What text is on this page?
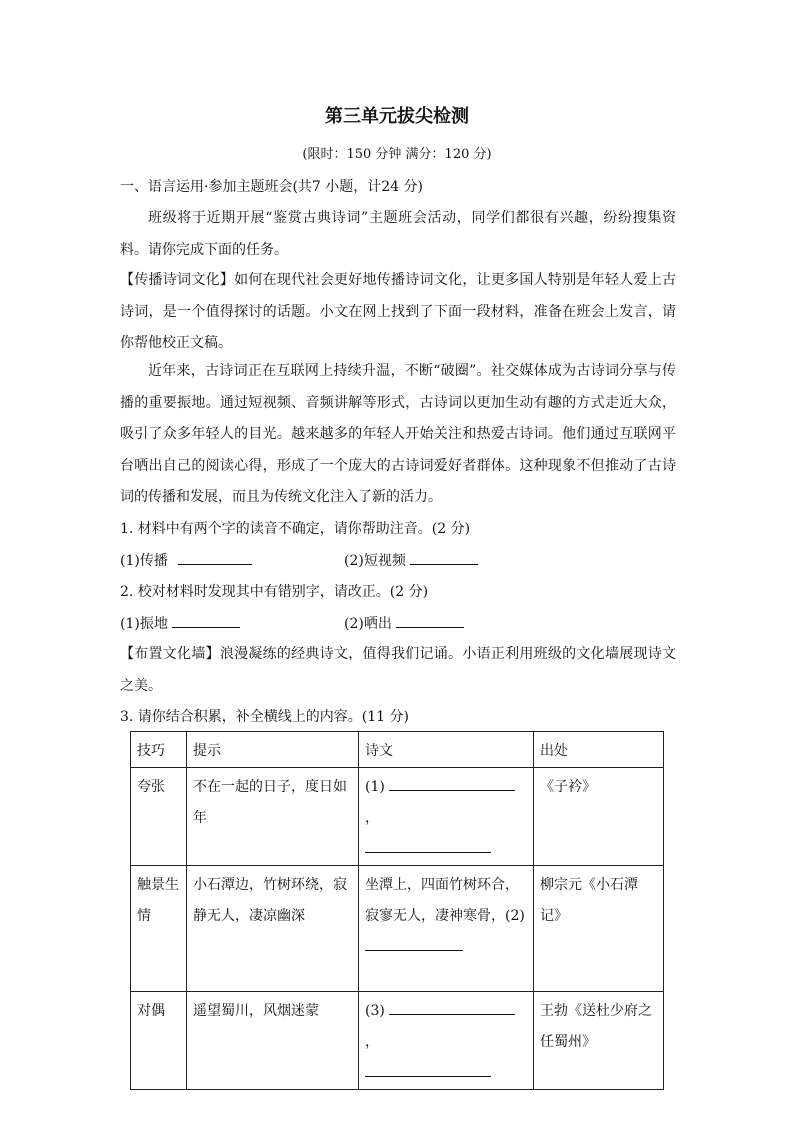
第三单元拔尖检测
(限时：150 分钟 满分：120 分)
一、语言运用·参加主题班会(共7 小题，计24 分)
班级将于近期开展“鉴赏古典诗词”主题班会活动，同学们都很有兴趣，纷纷搜集资料。请你完成下面的任务。
【传播诗词文化】如何在现代社会更好地传播诗词文化，让更多国人特别是年轻人爱上古诗词，是一个值得探讨的话题。小文在网上找到了下面一段材料，准备在班会上发言，请你帮他校正文稿。
近年来，古诗词正在互联网上持续升温，不断“破圈”。社交媒体成为古诗词分享与传播的重要振地。通过短视频、音频讲解等形式，古诗词以更加生动有趣的方式走近大众，吸引了众多年轻人的目光。越来越多的年轻人开始关注和热爱古诗词。他们通过互联网平台哂出自己的阅读心得，形成了一个庞大的古诗词爱好者群体。这种现象不但推动了古诗词的传播和发展，而且为传统文化注入了新的活力。
1. 材料中有两个字的读音不确定，请你帮助注音。(2 分)
(1)传播	(2)短视频
2. 校对材料时发现其中有错别字，请改正。(2 分)
(1)振地	(2)哂出
【布置文化墙】浪漫凝练的经典诗文，值得我们记诵。小语正利用班级的文化墙展现诗文之美。
3. 请你结合积累，补全横线上的内容。(11 分)
技巧	提示	诗文	出处
夸张	不在一起的日子，度日如年	(1) ，	《子衿》
触景生情	小石潭边，竹树环绕，寂静无人，凄凉幽深	坐潭上，四面竹树环合，寂寥无人，凄神寒骨，(2)	柳宗元《小石潭记》
对偶	遥望蜀川，风烟迷蒙	(3) ，	王勃《送杜少府之任蜀州》
